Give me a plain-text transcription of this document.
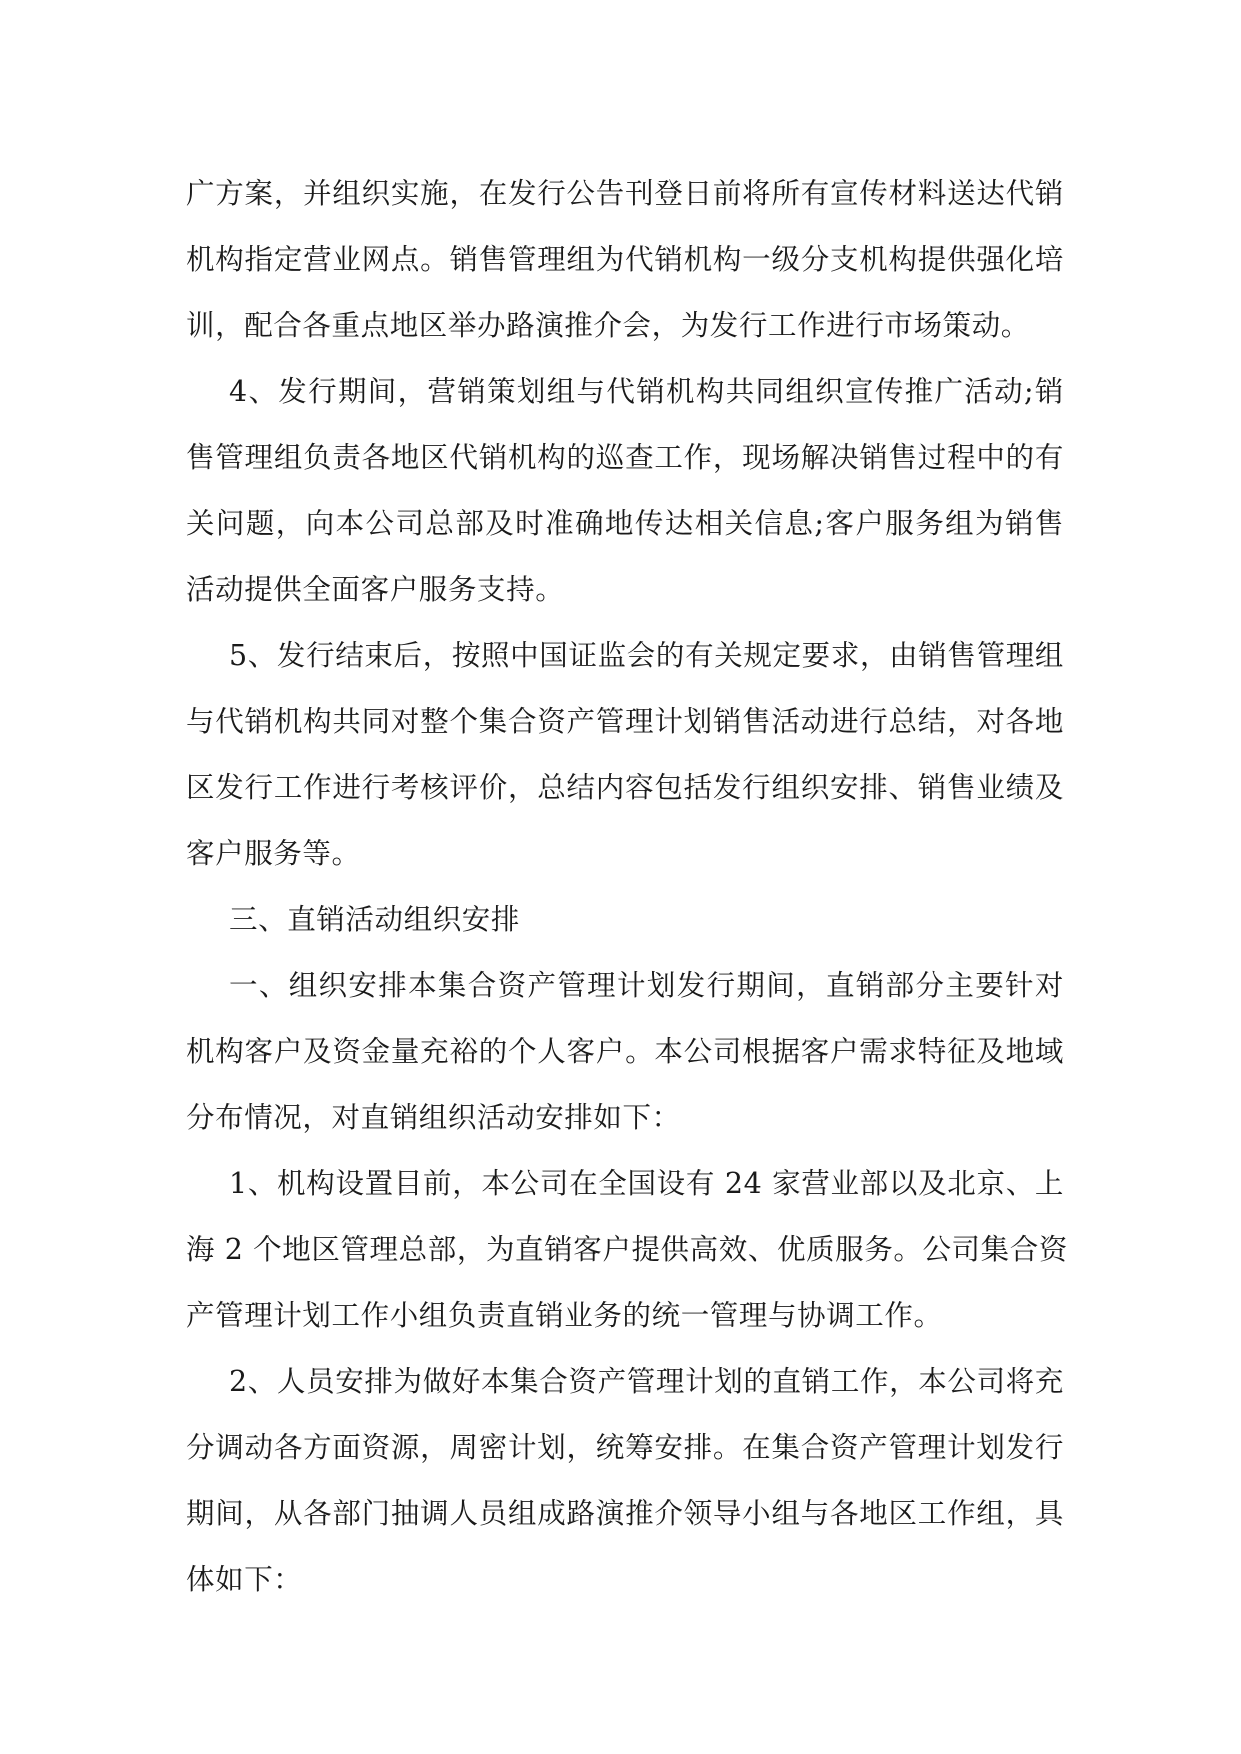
广方案，并组织实施，在发行公告刊登日前将所有宣传材料送达代销
机构指定营业网点。销售管理组为代销机构一级分支机构提供强化培
训，配合各重点地区举办路演推介会，为发行工作进行市场策动。
4、发行期间，营销策划组与代销机构共同组织宣传推广活动;销
售管理组负责各地区代销机构的巡查工作，现场解决销售过程中的有
关问题，向本公司总部及时准确地传达相关信息;客户服务组为销售
活动提供全面客户服务支持。
5、发行结束后，按照中国证监会的有关规定要求，由销售管理组
与代销机构共同对整个集合资产管理计划销售活动进行总结，对各地
区发行工作进行考核评价，总结内容包括发行组织安排、销售业绩及
客户服务等。
三、直销活动组织安排
一、组织安排本集合资产管理计划发行期间，直销部分主要针对
机构客户及资金量充裕的个人客户。本公司根据客户需求特征及地域
分布情况，对直销组织活动安排如下：
1、机构设置目前，本公司在全国设有 24 家营业部以及北京、上
海 2 个地区管理总部，为直销客户提供高效、优质服务。公司集合资
产管理计划工作小组负责直销业务的统一管理与协调工作。
2、人员安排为做好本集合资产管理计划的直销工作，本公司将充
分调动各方面资源，周密计划，统筹安排。在集合资产管理计划发行
期间，从各部门抽调人员组成路演推介领导小组与各地区工作组，具
体如下：
